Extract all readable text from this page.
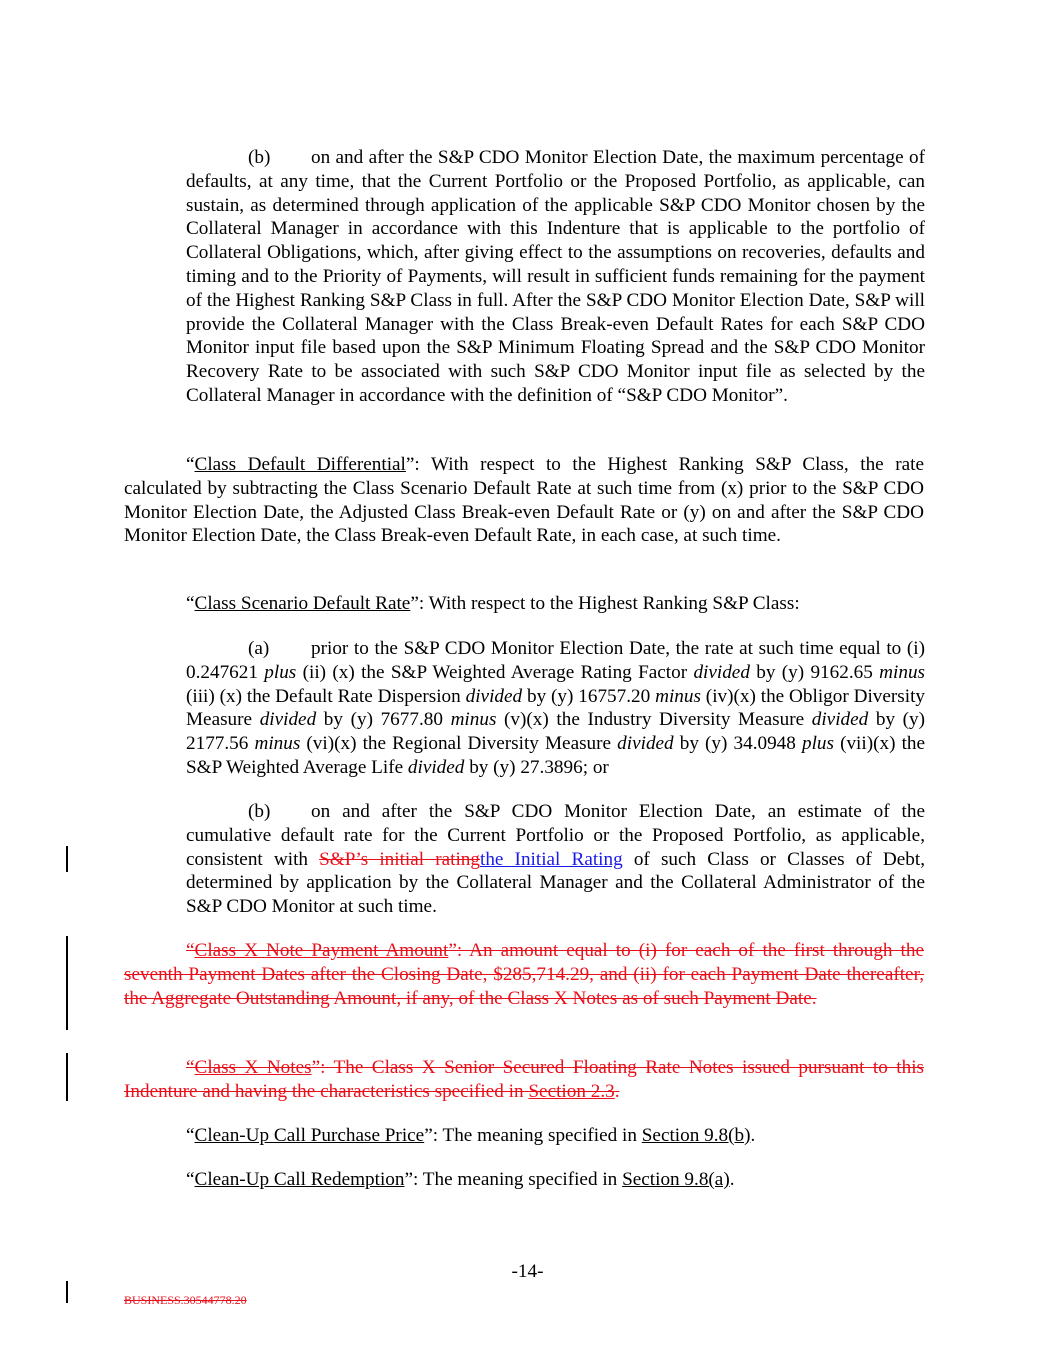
(b) on and after the S&P CDO Monitor Election Date, the maximum percentage of defaults, at any time, that the Current Portfolio or the Proposed Portfolio, as applicable, can sustain, as determined through application of the applicable S&P CDO Monitor chosen by the Collateral Manager in accordance with this Indenture that is applicable to the portfolio of Collateral Obligations, which, after giving effect to the assumptions on recoveries, defaults and timing and to the Priority of Payments, will result in sufficient funds remaining for the payment of the Highest Ranking S&P Class in full. After the S&P CDO Monitor Election Date, S&P will provide the Collateral Manager with the Class Break-even Default Rates for each S&P CDO Monitor input file based upon the S&P Minimum Floating Spread and the S&P CDO Monitor Recovery Rate to be associated with such S&P CDO Monitor input file as selected by the Collateral Manager in accordance with the definition of “S&P CDO Monitor”.
“Class Default Differential”: With respect to the Highest Ranking S&P Class, the rate calculated by subtracting the Class Scenario Default Rate at such time from (x) prior to the S&P CDO Monitor Election Date, the Adjusted Class Break-even Default Rate or (y) on and after the S&P CDO Monitor Election Date, the Class Break-even Default Rate, in each case, at such time.
“Class Scenario Default Rate”: With respect to the Highest Ranking S&P Class:
(a) prior to the S&P CDO Monitor Election Date, the rate at such time equal to (i) 0.247621 plus (ii) (x) the S&P Weighted Average Rating Factor divided by (y) 9162.65 minus (iii) (x) the Default Rate Dispersion divided by (y) 16757.20 minus (iv)(x) the Obligor Diversity Measure divided by (y) 7677.80 minus (v)(x) the Industry Diversity Measure divided by (y) 2177.56 minus (vi)(x) the Regional Diversity Measure divided by (y) 34.0948 plus (vii)(x) the S&P Weighted Average Life divided by (y) 27.3896; or
(b) on and after the S&P CDO Monitor Election Date, an estimate of the cumulative default rate for the Current Portfolio or the Proposed Portfolio, as applicable, consistent with S&P’s initial ratingthe Initial Rating of such Class or Classes of Debt, determined by application by the Collateral Manager and the Collateral Administrator of the S&P CDO Monitor at such time.
“Class X Note Payment Amount”: An amount equal to (i) for each of the first through the seventh Payment Dates after the Closing Date, $285,714.29, and (ii) for each Payment Date thereafter, the Aggregate Outstanding Amount, if any, of the Class X Notes as of such Payment Date.
“Class X Notes”: The Class X Senior Secured Floating Rate Notes issued pursuant to this Indenture and having the characteristics specified in Section 2.3.
“Clean-Up Call Purchase Price”: The meaning specified in Section 9.8(b).
“Clean-Up Call Redemption”: The meaning specified in Section 9.8(a).
-14-
BUSINESS.30544778.20
